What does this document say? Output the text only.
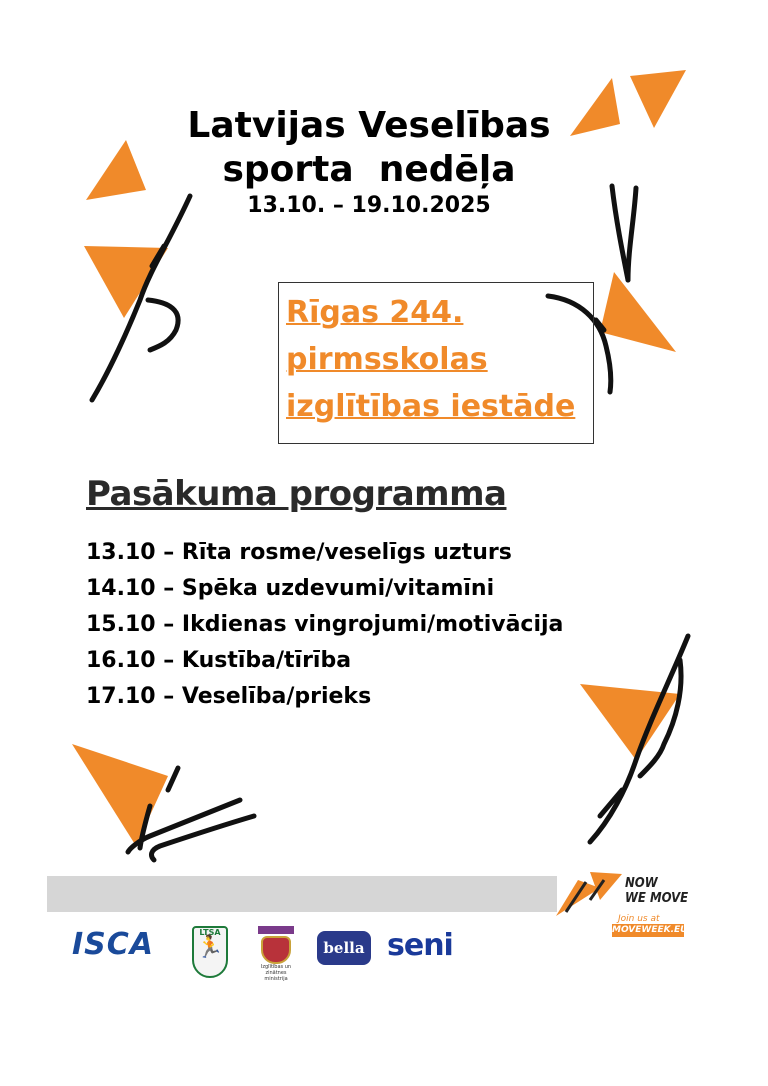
Latvijas Veselības
sporta  nedēļa
13.10. – 19.10.2025
Rīgas 244.
pirmsskolas
izglītības iestāde
Pasākuma programma
13.10 – Rīta rosme/veselīgs uzturs
14.10 – Spēka uzdevumi/vitamīni
15.10 – Ikdienas vingrojumi/motivācija
16.10 – Kustība/tīrība
17.10 – Veselība/prieks
NOW
WE MOVE
Join us at
MOVEWEEK.EU
ISCA	LTSA
🏃
Izglītības un zinātnes ministrija
bella seni
